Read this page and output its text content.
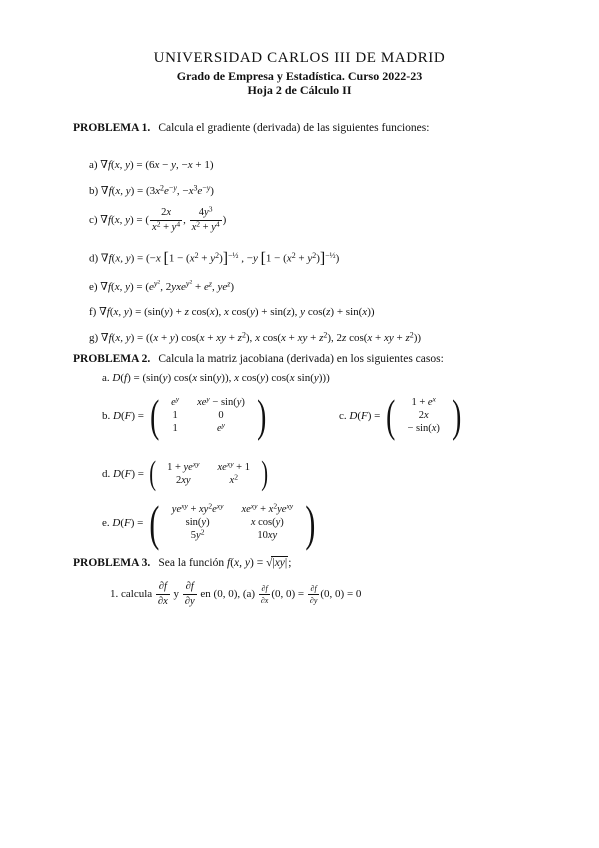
UNIVERSIDAD CARLOS III DE MADRID
Grado de Empresa y Estadística. Curso 2022-23
Hoja 2 de Cálculo II
PROBLEMA 1. Calcula el gradiente (derivada) de las siguientes funciones:
a) ∇f(x, y) = (6x − y, −x + 1)
b) ∇f(x, $y) = (3x^2e^{-y}$, $-x^3e^{-y}$)
c) ∇f(x, y) = ( $\frac{2x}{x^2 + y^4}$ , $\frac{4y^3}{x^2 + y^4}$ )
d) ∇f(x, y) = (−x $[1 - (x^2 + y^2)]^{-\frac{1}{2}}$ , −y $[1 - (x^2 + y^2)]^{-\frac{1}{2}}$)
e) ∇f(x, $y) = (e^{y^2}$, $2yxe^{y^2} + e^z$, $ye^z$)
f) ∇f(x, y) = (sin(y) + z cos(x), x cos(y) + sin(z), y cos(z) + sin(x))
g) ∇f(x, y) = ((x + y) cos(x + xy + $z^2$), x cos(x + xy + $z^2$), 2z cos(x + xy + $z^2$))
PROBLEMA 2. Calcula la matriz jacobiana (derivada) en los siguientes casos:
a. D(f) = (sin(y) cos(x sin(y)), x cos(y) cos(x sin(y)))
b. D(F) = ( $e^y$	$xe^y - \sin(y)$
1	0
1	$e^y$ )	c. D(F) = ( $1 + e^x$
2x
− sin(x) )
d. D(F) = ( $1 + ye^{xy}$	$xe^{xy} + 1$
2xy	$x^2$ )
e. D(F) = ( $ye^{xy} + xy^2e^{xy}$	$xe^{xy} + x^2ye^{xy}$
sin(y)	x cos(y)
$5y^2$	10xy )
PROBLEMA 3. Sea la función f(x, y) = √|xy|;
1. calcula $\frac{\partial f}{\partial x}$ y $\frac{\partial f}{\partial y}$ en (0, 0), $(a) \frac{\partial f}{\partial x} (0$, $0) = \frac{\partial f}{\partial y} (0$, 0) = 0
